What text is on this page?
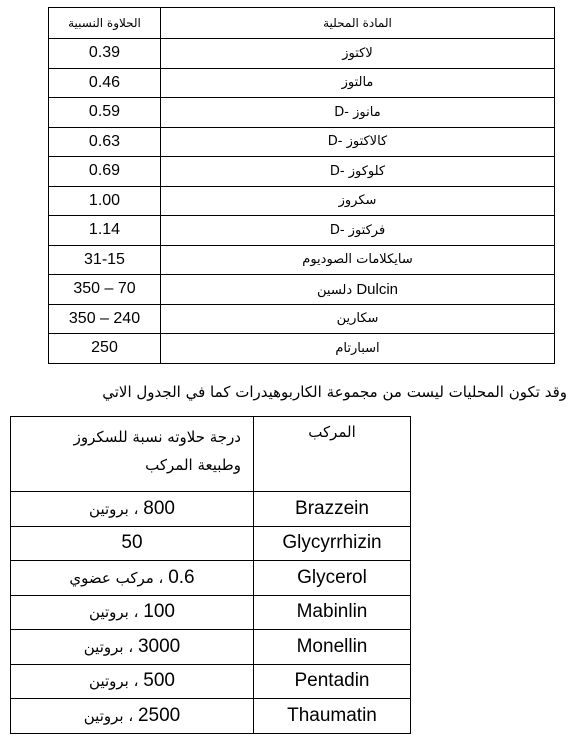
الحلاوة النسبية	المادة المحلية
0.39	لاكتوز
0.46	مالتوز
0.59	D- مانوز
0.63	D- كالاكتوز
0.69	D- كلوكوز
1.00	سكروز
1.14	D- فركتوز
31-15	سايكلامات الصوديوم
350 – 70	دلسين Dulcin
350 – 240	سكارين
250	اسبارتام

وقد تكون المحليات ليست من مجموعة الكاربوهيدرات كما في الجدول الاتي

درجة حلاوته نسبة للسكروز
وطبيعة المركب	المركب
800 ، بروتين	Brazzein
50	Glycyrrhizin
0.6 ، مركب عضوي	Glycerol
100 ، بروتين	Mabinlin
3000 ، بروتين	Monellin
500 ، بروتين	Pentadin
2500 ، بروتين	Thaumatin
